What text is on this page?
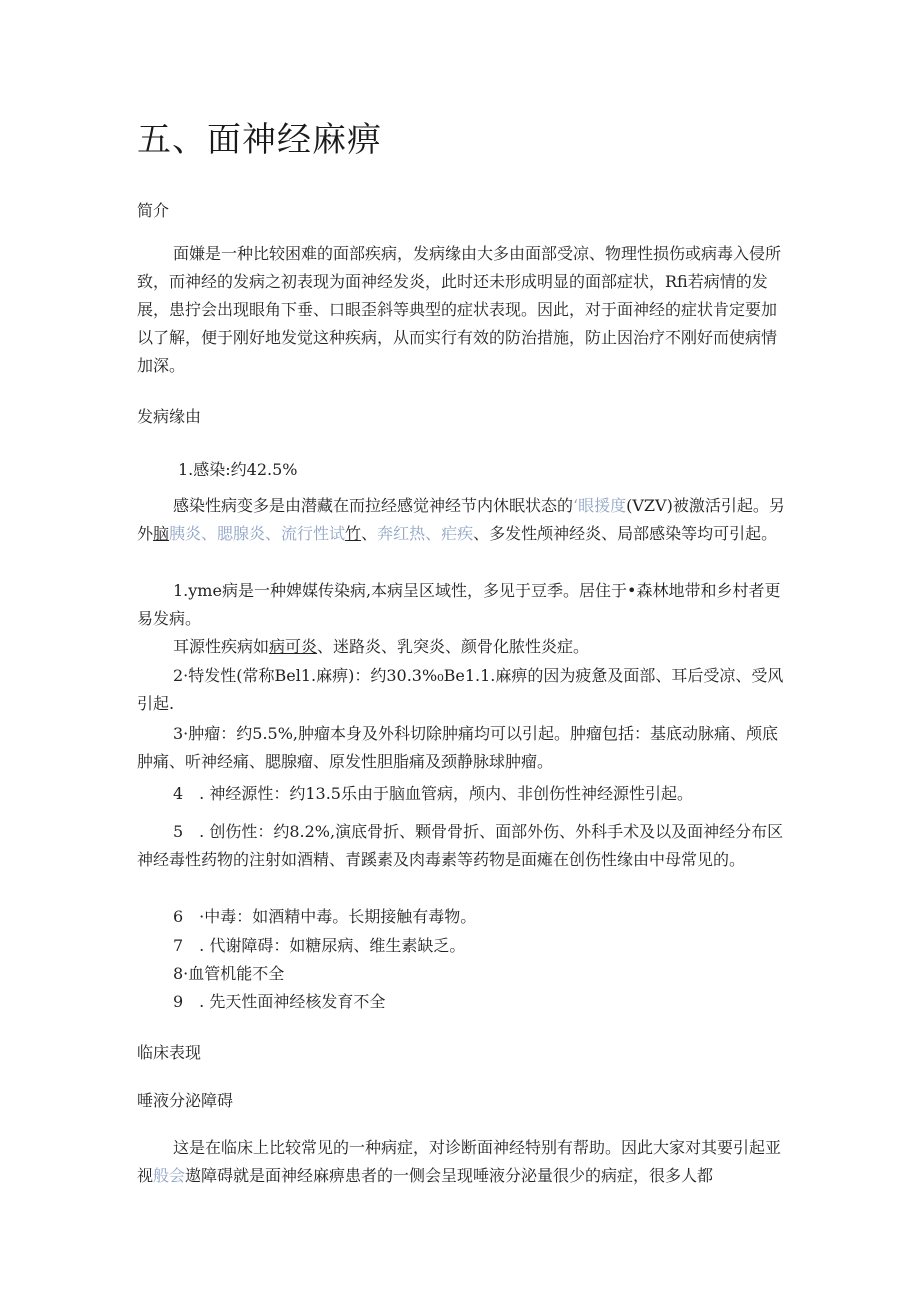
五、面神经麻痹
简介

面嫌是一种比较困难的面部疾病，发病缘由大多由面部受凉、物理性损伤或病毒入侵所致，而神经的发病之初表现为面神经发炎，此时还未形成明显的面部症状，Rfi若病情的发展，患拧会出现眼角下垂、口眼歪斜等典型的症状表现。因此，对于面神经的症状肯定要加以了解，便于刚好地发觉这种疾病，从而实行有效的防治措施，防止因治疗不刚好而使病情加深。

发病缘由

1.感染:约42.5%

感染性病变多是由潜藏在而拉经感觉神经节内休眠状态的‘眼援度(VZV)被激活引起。另外脑胰炎、腮腺炎、流行性试竹、奔红热、疟疾、多发性颅神经炎、局部感染等均可引起。

1.yme病是一种婢媒传染病,本病呈区域性，多见于豆季。居住于•森林地带和乡村者更易发病。

耳源性疾病如病可炎、迷路炎、乳突炎、颜骨化脓性炎症。

2·特发性(常称Bel1.麻痹)：约30.3%₀Be1.1.麻痹的因为疲惫及面部、耳后受凉、受风引起.

3·肿瘤：约5.5%,肿瘤本身及外科切除肿痛均可以引起。肿瘤包括：基底动脉痛、颅底肿痛、听神经痛、腮腺瘤、原发性胆脂痛及颈静脉球肿瘤。

4　. 神经源性：约13.5乐由于脑血管病，颅内、非创伤性神经源性引起。

5　. 创伤性：约8.2%,演底骨折、颗骨骨折、面部外伤、外科手术及以及面神经分布区神经毒性药物的注射如酒精、青蹊素及肉毒素等药物是面瘫在创伤性缘由中母常见的。

6　·中毒：如酒精中毒。长期接触有毒物。

7　. 代谢障碍：如糖尿病、维生素缺乏。

8·血管机能不全

9　. 先天性面神经核发育不全

临床表现
唾液分泌障碍

这是在临床上比较常见的一种病症，对诊断面神经特别有帮助。因此大家对其要引起亚视般会遨障碍就是面神经麻痹患者的一侧会呈现唾液分泌量很少的病症，很多人都
